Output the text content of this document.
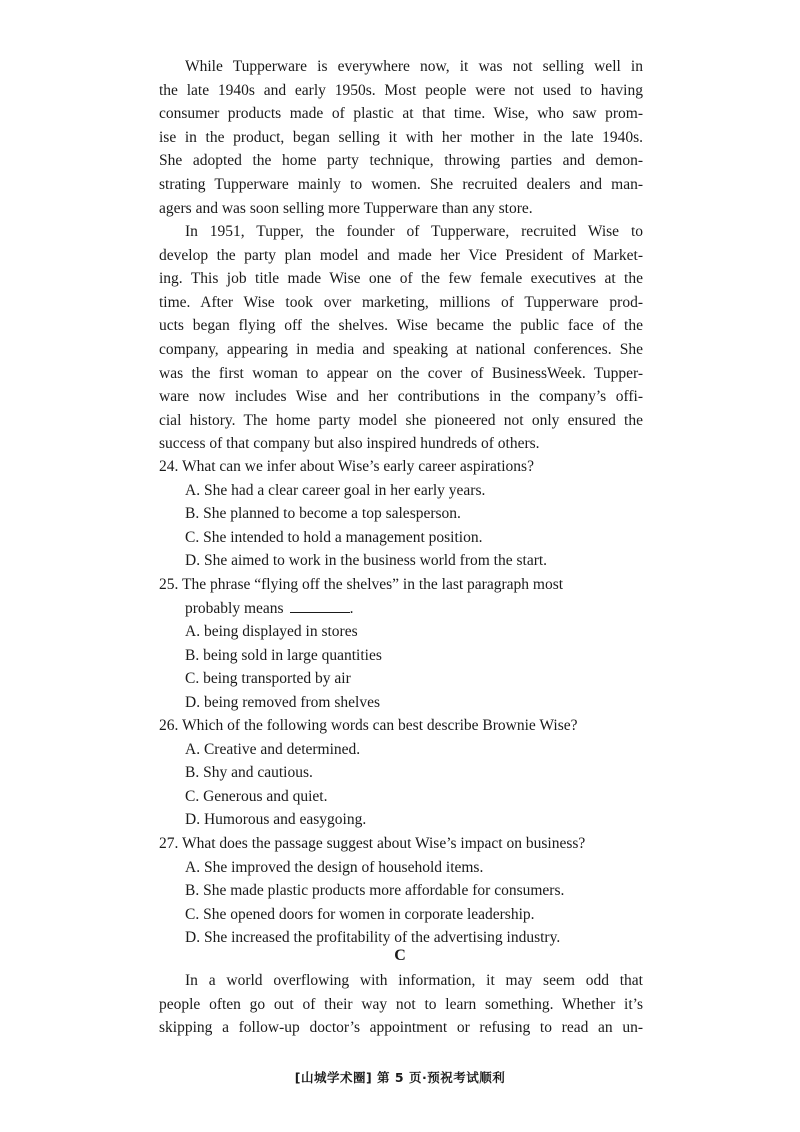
While Tupperware is everywhere now, it was not selling well in
the late 1940s and early 1950s. Most people were not used to having
consumer products made of plastic at that time. Wise, who saw prom-
ise in the product, began selling it with her mother in the late 1940s.
She adopted the home party technique, throwing parties and demon-
strating Tupperware mainly to women. She recruited dealers and man-
agers and was soon selling more Tupperware than any store.
In 1951, Tupper, the founder of Tupperware, recruited Wise to
develop the party plan model and made her Vice President of Market-
ing. This job title made Wise one of the few female executives at the
time. After Wise took over marketing, millions of Tupperware prod-
ucts began flying off the shelves. Wise became the public face of the
company, appearing in media and speaking at national conferences. She
was the first woman to appear on the cover of BusinessWeek. Tupper-
ware now includes Wise and her contributions in the company’s offi-
cial history. The home party model she pioneered not only ensured the
success of that company but also inspired hundreds of others.
24. What can we infer about Wise’s early career aspirations?
A. She had a clear career goal in her early years.
B. She planned to become a top salesperson.
C. She intended to hold a management position.
D. She aimed to work in the business world from the start.
25. The phrase “flying off the shelves” in the last paragraph most
probably means	.
A. being displayed in stores
B. being sold in large quantities
C. being transported by air
D. being removed from shelves
26. Which of the following words can best describe Brownie Wise?
A. Creative and determined.
B. Shy and cautious.
C. Generous and quiet.
D. Humorous and easygoing.
27. What does the passage suggest about Wise’s impact on business?
A. She improved the design of household items.
B. She made plastic products more affordable for consumers.
C. She opened doors for women in corporate leadership.
D. She increased the profitability of the advertising industry.
C
In a world overflowing with information, it may seem odd that
people often go out of their way not to learn something. Whether it’s
skipping a follow-up doctor’s appointment or refusing to read an un-
[山城学术圈] 第 5 页·预祝考试顺利
